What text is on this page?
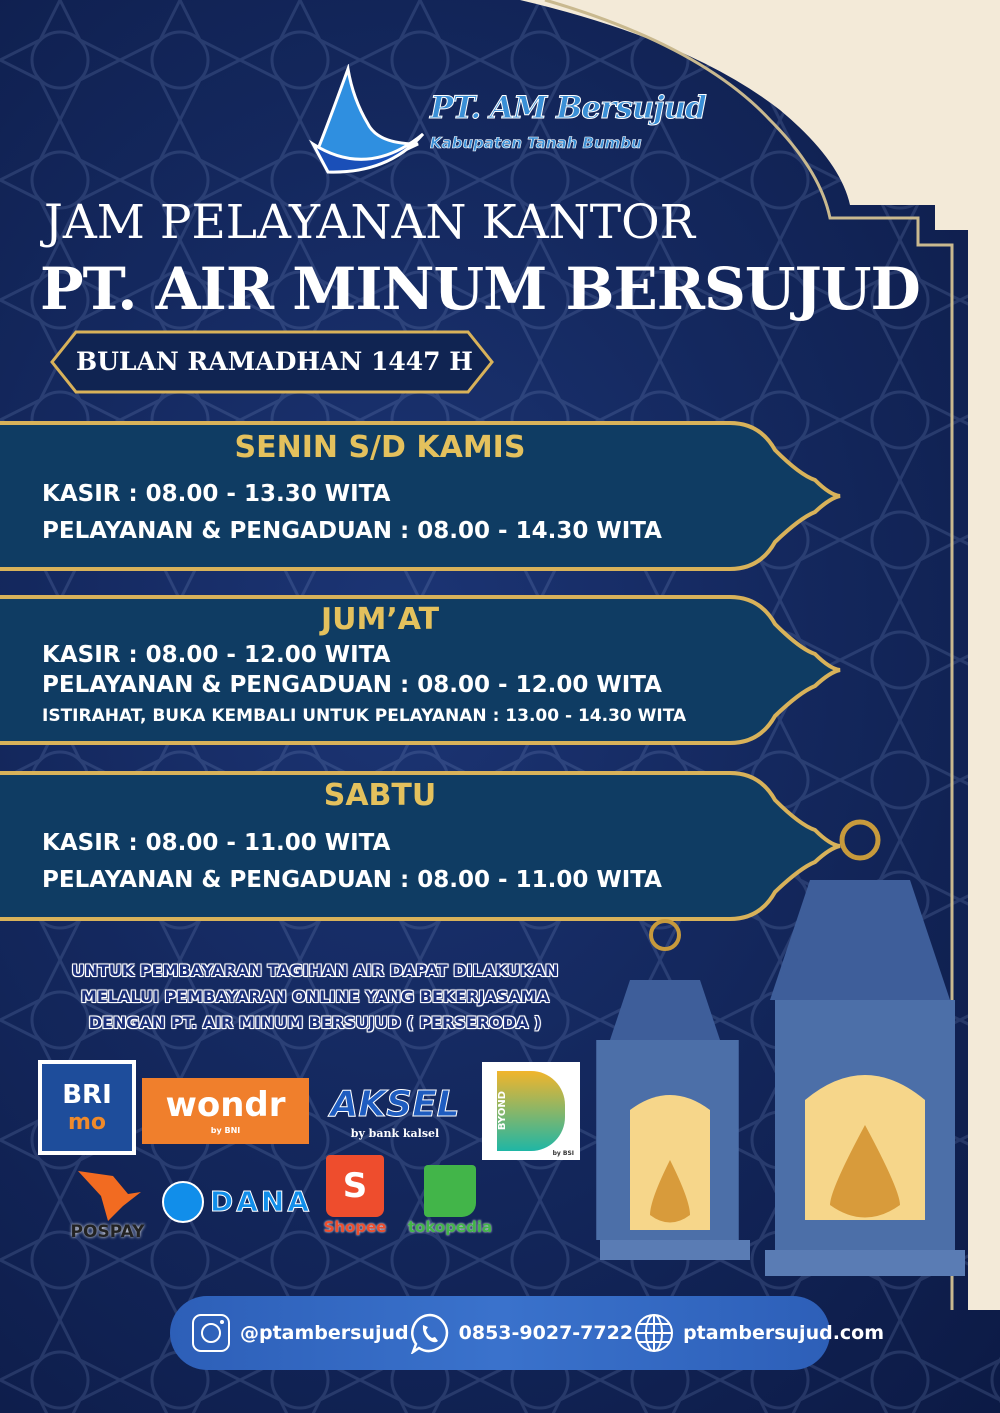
PT. AM Bersujud
Kabupaten Tanah Bumbu
JAM PELAYANAN KANTOR
PT. AIR MINUM BERSUJUD
BULAN RAMADHAN 1447 H
SENIN S/D KAMIS
KASIR : 08.00 - 13.30 WITA
PELAYANAN & PENGADUAN : 08.00 - 14.30 WITA
JUM’AT
KASIR : 08.00 - 12.00 WITA
PELAYANAN & PENGADUAN : 08.00 - 12.00 WITA
ISTIRAHAT, BUKA KEMBALI UNTUK PELAYANAN : 13.00 - 14.30 WITA
SABTU
KASIR : 08.00 - 11.00 WITA
PELAYANAN & PENGADUAN : 08.00 - 11.00 WITA
UNTUK PEMBAYARAN TAGIHAN AIR DAPAT DILAKUKAN
MELALUI PEMBAYARAN ONLINE YANG BEKERJASAMA
DENGAN PT. AIR MINUM BERSUJUD ( PERSERODA )
BRI
mo wondr
by BNI
AKSEL
by bank kalsel
BYOND
by BSI
POSPAY
DANA S
Shopee tokopedia
@ptambersujud	0853-9027-7722	ptambersujud.com
